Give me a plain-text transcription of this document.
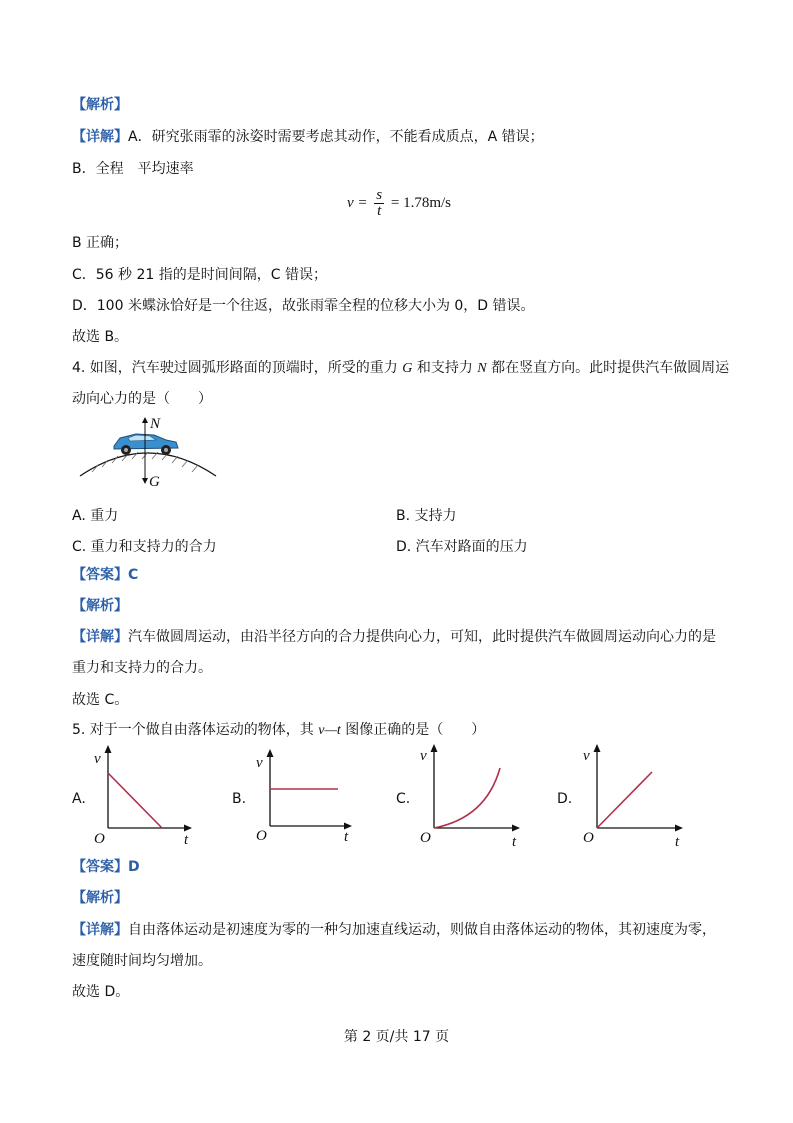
【解析】
【详解】A．研究张雨霏的泳姿时需要考虑其动作，不能看成质点，A 错误；
B．全程　平均速率
$v = \frac{s}{t} = 1.78m/s$
B 正确；
C．56 秒 21 指的是时间间隔，C 错误；
D．100 米蝶泳恰好是一个往返，故张雨霏全程的位移大小为 0，D 错误。
故选 B。
4. 如图，汽车驶过圆弧形路面的顶端时，所受的重力 G 和支持力 N 都在竖直方向。此时提供汽车做圆周运
动向心力的是（　　）
N
G
A. 重力	B. 支持力
C. 重力和支持力的合力	D. 汽车对路面的压力
【答案】C
【解析】
【详解】汽车做圆周运动，由沿半径方向的合力提供向心力，可知，此时提供汽车做圆周运动向心力的是
重力和支持力的合力。
故选 C。
5. 对于一个做自由落体运动的物体，其 v—t 图像正确的是（　　）
A.
v
t
O
B.
v
t
O
C.
v
t
O
D.
v
t
O
【答案】D
【解析】
【详解】自由落体运动是初速度为零的一种匀加速直线运动，则做自由落体运动的物体，其初速度为零，
速度随时间均匀增加。
故选 D。
第 2 页/共 17 页
